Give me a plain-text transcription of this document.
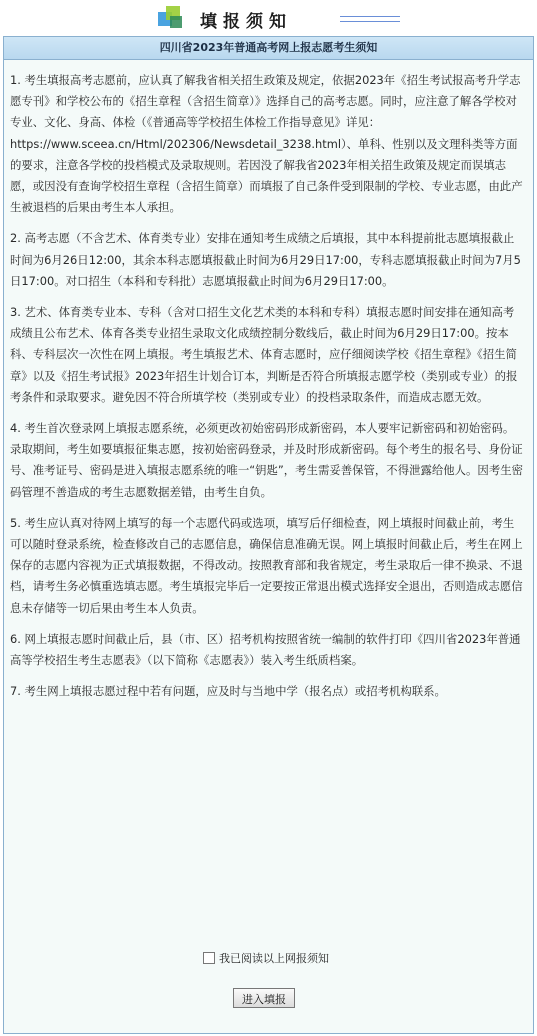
填报须知
四川省2023年普通高考网上报志愿考生须知

1. 考生填报高考志愿前，应认真了解我省相关招生政策及规定，依据2023年《招生考试报高考升学志愿专刊》和学校公布的《招生章程（含招生简章）》选择自己的高考志愿。同时，应注意了解各学校对专业、文化、身高、体检（《普通高等学校招生体检工作指导意见》详见：https://www.sceea.cn/Html/202306/Newsdetail_3238.html）、单科、性别以及文理科类等方面的要求，注意各学校的投档模式及录取规则。若因没了解我省2023年相关招生政策及规定而误填志愿，或因没有查询学校招生章程（含招生简章）而填报了自己条件受到限制的学校、专业志愿，由此产生被退档的后果由考生本人承担。

2. 高考志愿（不含艺术、体育类专业）安排在通知考生成绩之后填报，其中本科提前批志愿填报截止时间为6月26日12:00，其余本科志愿填报截止时间为6月29日17:00，专科志愿填报截止时间为7月5日17:00。对口招生（本科和专科批）志愿填报截止时间为6月29日17:00。

3. 艺术、体育类专业本、专科（含对口招生文化艺术类的本科和专科）填报志愿时间安排在通知高考成绩且公布艺术、体育各类专业招生录取文化成绩控制分数线后，截止时间为6月29日17:00。按本科、专科层次一次性在网上填报。考生填报艺术、体育志愿时，应仔细阅读学校《招生章程》《招生简章》以及《招生考试报》2023年招生计划合订本，判断是否符合所填报志愿学校（类别或专业）的报考条件和录取要求。避免因不符合所填学校（类别或专业）的投档录取条件，而造成志愿无效。

4. 考生首次登录网上填报志愿系统，必须更改初始密码形成新密码，本人要牢记新密码和初始密码。录取期间，考生如要填报征集志愿，按初始密码登录，并及时形成新密码。每个考生的报名号、身份证号、准考证号、密码是进入填报志愿系统的唯一“钥匙”，考生需妥善保管，不得泄露给他人。因考生密码管理不善造成的考生志愿数据差错，由考生自负。

5. 考生应认真对待网上填写的每一个志愿代码或选项，填写后仔细检查，网上填报时间截止前，考生可以随时登录系统，检查修改自己的志愿信息，确保信息准确无误。网上填报时间截止后，考生在网上保存的志愿内容视为正式填报数据，不得改动。按照教育部和我省规定，考生录取后一律不换录、不退档，请考生务必慎重选填志愿。考生填报完毕后一定要按正常退出模式选择安全退出，否则造成志愿信息未存储等一切后果由考生本人负责。

6. 网上填报志愿时间截止后，县（市、区）招考机构按照省统一编制的软件打印《四川省2023年普通高等学校招生考生志愿表》（以下简称《志愿表》）装入考生纸质档案。

7. 考生网上填报志愿过程中若有问题，应及时与当地中学（报名点）或招考机构联系。

我已阅读以上网报须知
进入填报
